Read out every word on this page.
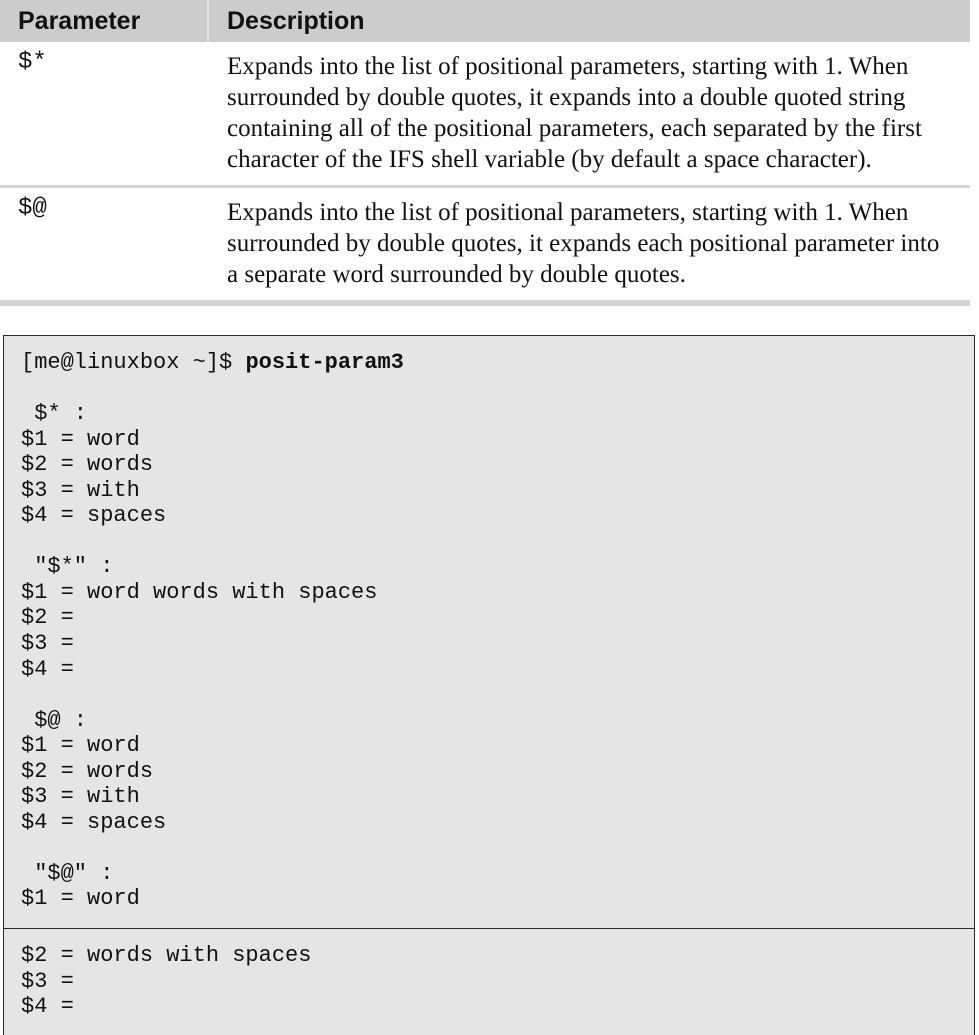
Parameter	Description

$*	Expands into the list of positional parameters, starting with 1. When surrounded by double quotes, it expands into a double quoted string containing all of the positional parameters, each separated by the first character of the IFS shell variable (by default a space character).

$@	Expands into the list of positional parameters, starting with 1. When surrounded by double quotes, it expands each positional parameter into a separate word surrounded by double quotes.
[me@linuxbox ~]$ posit-param3
$* :
$1 = word
$2 = words
$3 = with
$4 = spaces
"$*" :
$1 = word words with spaces
$2 =
$3 =
$4 =
$@ :
$1 = word
$2 = words
$3 = with
$4 = spaces
"$@" :
$1 = word
$2 = words with spaces
$3 =
$4 =
